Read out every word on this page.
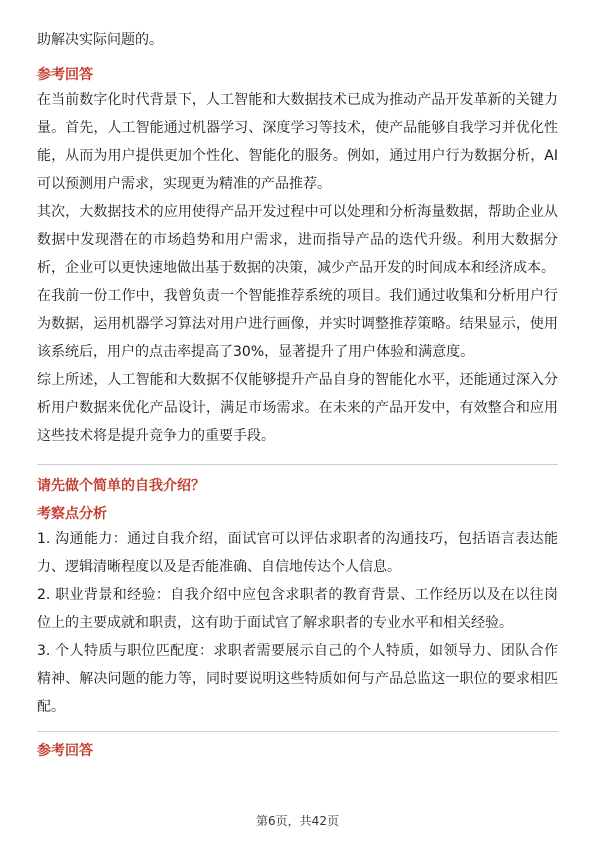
助解决实际问题的。

参考回答

在当前数字化时代背景下，人工智能和大数据技术已成为推动产品开发革新的关键力量。首先，人工智能通过机器学习、深度学习等技术，使产品能够自我学习并优化性能，从而为用户提供更加个性化、智能化的服务。例如，通过用户行为数据分析，AI可以预测用户需求，实现更为精准的产品推荐。

其次，大数据技术的应用使得产品开发过程中可以处理和分析海量数据，帮助企业从数据中发现潜在的市场趋势和用户需求，进而指导产品的迭代升级。利用大数据分析，企业可以更快速地做出基于数据的决策，减少产品开发的时间成本和经济成本。

在我前一份工作中，我曾负责一个智能推荐系统的项目。我们通过收集和分析用户行为数据，运用机器学习算法对用户进行画像，并实时调整推荐策略。结果显示，使用该系统后，用户的点击率提高了30%，显著提升了用户体验和满意度。

综上所述，人工智能和大数据不仅能够提升产品自身的智能化水平，还能通过深入分析用户数据来优化产品设计，满足市场需求。在未来的产品开发中，有效整合和应用这些技术将是提升竞争力的重要手段。

请先做个简单的自我介绍？

考察点分析

1. 沟通能力：通过自我介绍，面试官可以评估求职者的沟通技巧，包括语言表达能力、逻辑清晰程度以及是否能准确、自信地传达个人信息。

2. 职业背景和经验：自我介绍中应包含求职者的教育背景、工作经历以及在以往岗位上的主要成就和职责，这有助于面试官了解求职者的专业水平和相关经验。

3. 个人特质与职位匹配度：求职者需要展示自己的个人特质，如领导力、团队合作精神、解决问题的能力等，同时要说明这些特质如何与产品总监这一职位的要求相匹配。

参考回答

第6页，共42页
